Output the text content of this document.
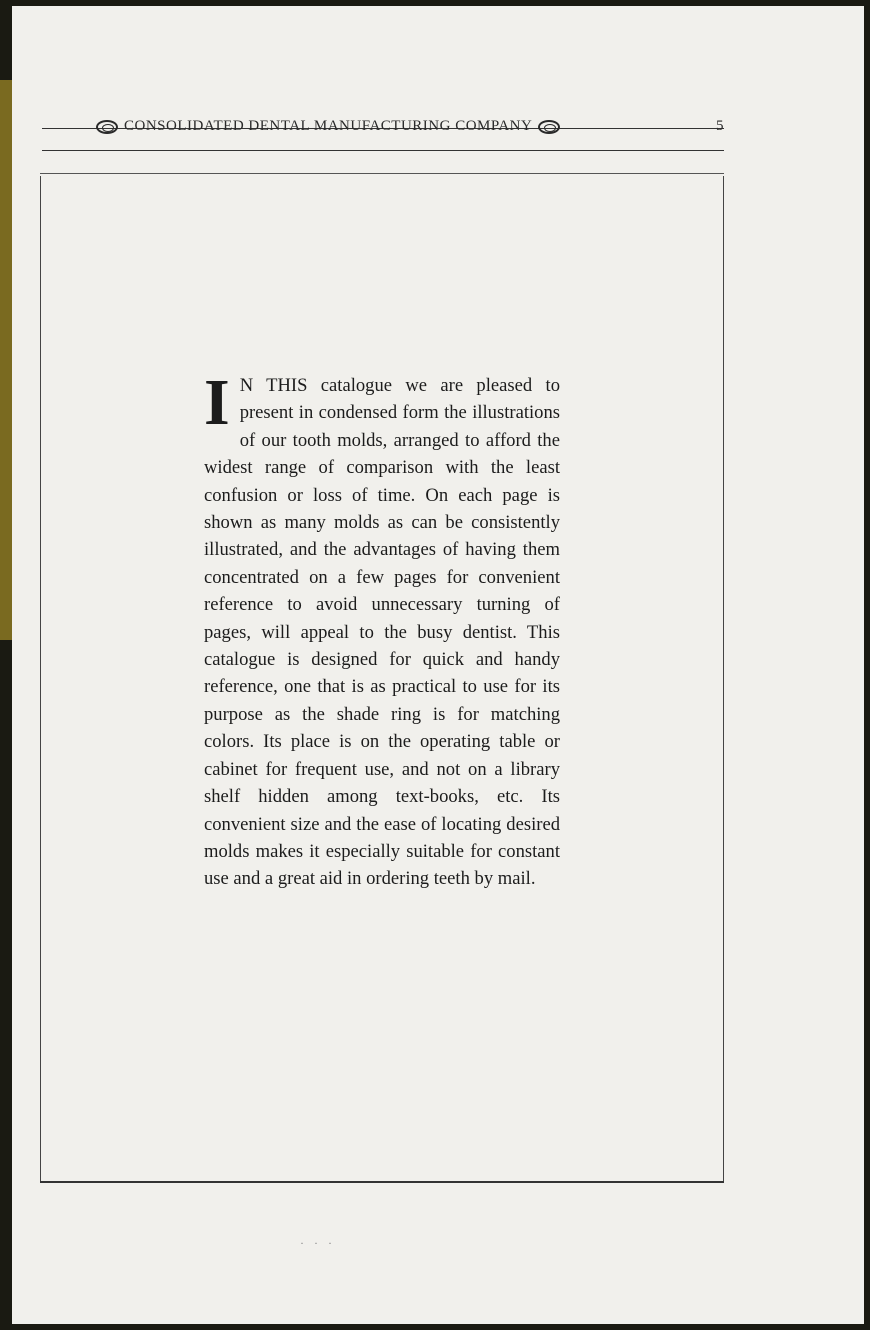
CONSOLIDATED DENTAL MANUFACTURING COMPANY	5
I N THIS catalogue we are pleased to present in condensed form the illustrations of our tooth molds, arranged to afford the widest range of comparison with the least confusion or loss of time. On each page is shown as many molds as can be consistently illustrated, and the advantages of having them concentrated on a few pages for convenient reference to avoid unnecessary turning of pages, will appeal to the busy dentist. This catalogue is designed for quick and handy reference, one that is as practical to use for its purpose as the shade ring is for matching colors. Its place is on the operating table or cabinet for frequent use, and not on a library shelf hidden among text-books, etc. Its convenient size and the ease of locating desired molds makes it especially suitable for constant use and a great aid in ordering teeth by mail.
···
